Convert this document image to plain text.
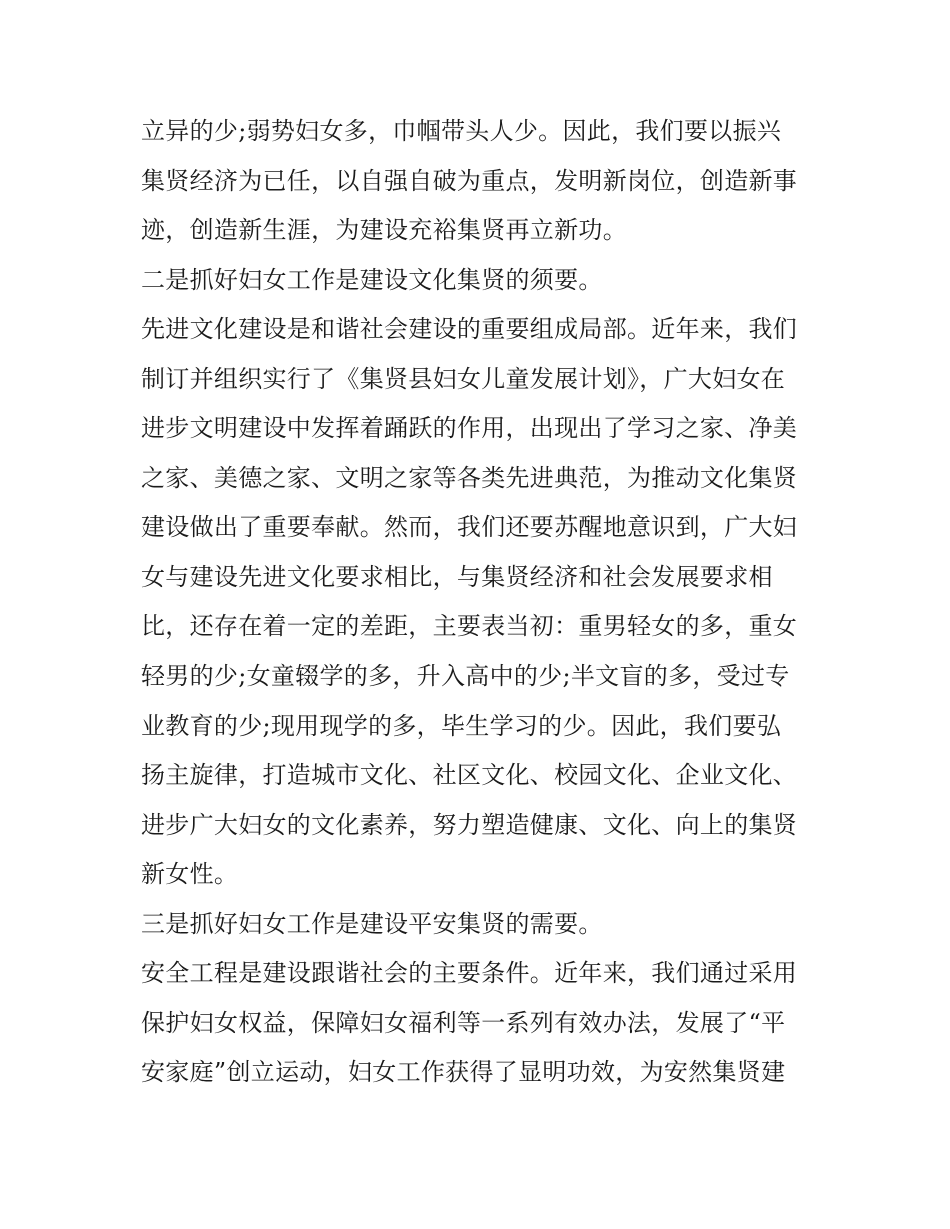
立异的少;弱势妇女多，巾帼带头人少。因此，我们要以振兴
集贤经济为已任，以自强自破为重点，发明新岗位，创造新事
迹，创造新生涯，为建设充裕集贤再立新功。
二是抓好妇女工作是建设文化集贤的须要。
先进文化建设是和谐社会建设的重要组成局部。近年来，我们
制订并组织实行了《集贤县妇女儿童发展计划》，广大妇女在
进步文明建设中发挥着踊跃的作用，出现出了学习之家、净美
之家、美德之家、文明之家等各类先进典范，为推动文化集贤
建设做出了重要奉献。然而，我们还要苏醒地意识到，广大妇
女与建设先进文化要求相比，与集贤经济和社会发展要求相
比，还存在着一定的差距，主要表当初：重男轻女的多，重女
轻男的少;女童辍学的多，升入高中的少;半文盲的多，受过专
业教育的少;现用现学的多，毕生学习的少。因此，我们要弘
扬主旋律，打造城市文化、社区文化、校园文化、企业文化、
进步广大妇女的文化素养，努力塑造健康、文化、向上的集贤
新女性。
三是抓好妇女工作是建设平安集贤的需要。
安全工程是建设跟谐社会的主要条件。近年来，我们通过采用
保护妇女权益，保障妇女福利等一系列有效办法，发展了“平
安家庭”创立运动，妇女工作获得了显明功效，为安然集贤建
